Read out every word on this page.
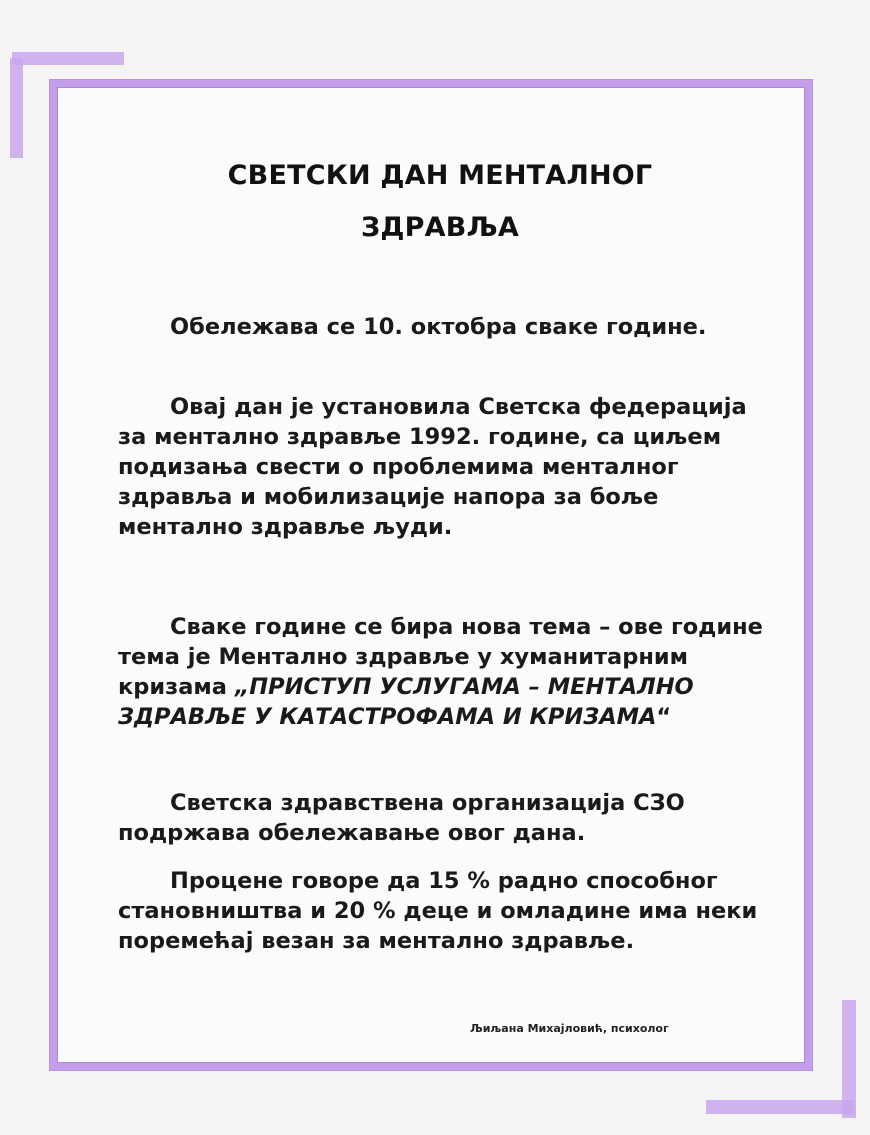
СВЕТСКИ ДАН МЕНТАЛНОГ
ЗДРАВЉА

Обележава се 10. октобра сваке године.

Овај дан је установила Светска федерација за ментално здравље 1992. године, са циљем подизања свести о проблемима менталног здравља и мобилизације напора за боље ментално здравље људи.

Сваке године се бира нова тема – ове године тема је Ментално здравље у хуманитарним кризама „ПРИСТУП УСЛУГАМА – МЕНТАЛНО ЗДРАВЉЕ У КАТАСТРОФАМА И КРИЗАМА“

Светска здравствена организација СЗО подржава обележавање овог дана.

Процене говоре да 15 % радно способног становништва и 20 % деце и омладине има неки поремећај везан за ментално здравље.

Љиљана Михајловић, психолог
